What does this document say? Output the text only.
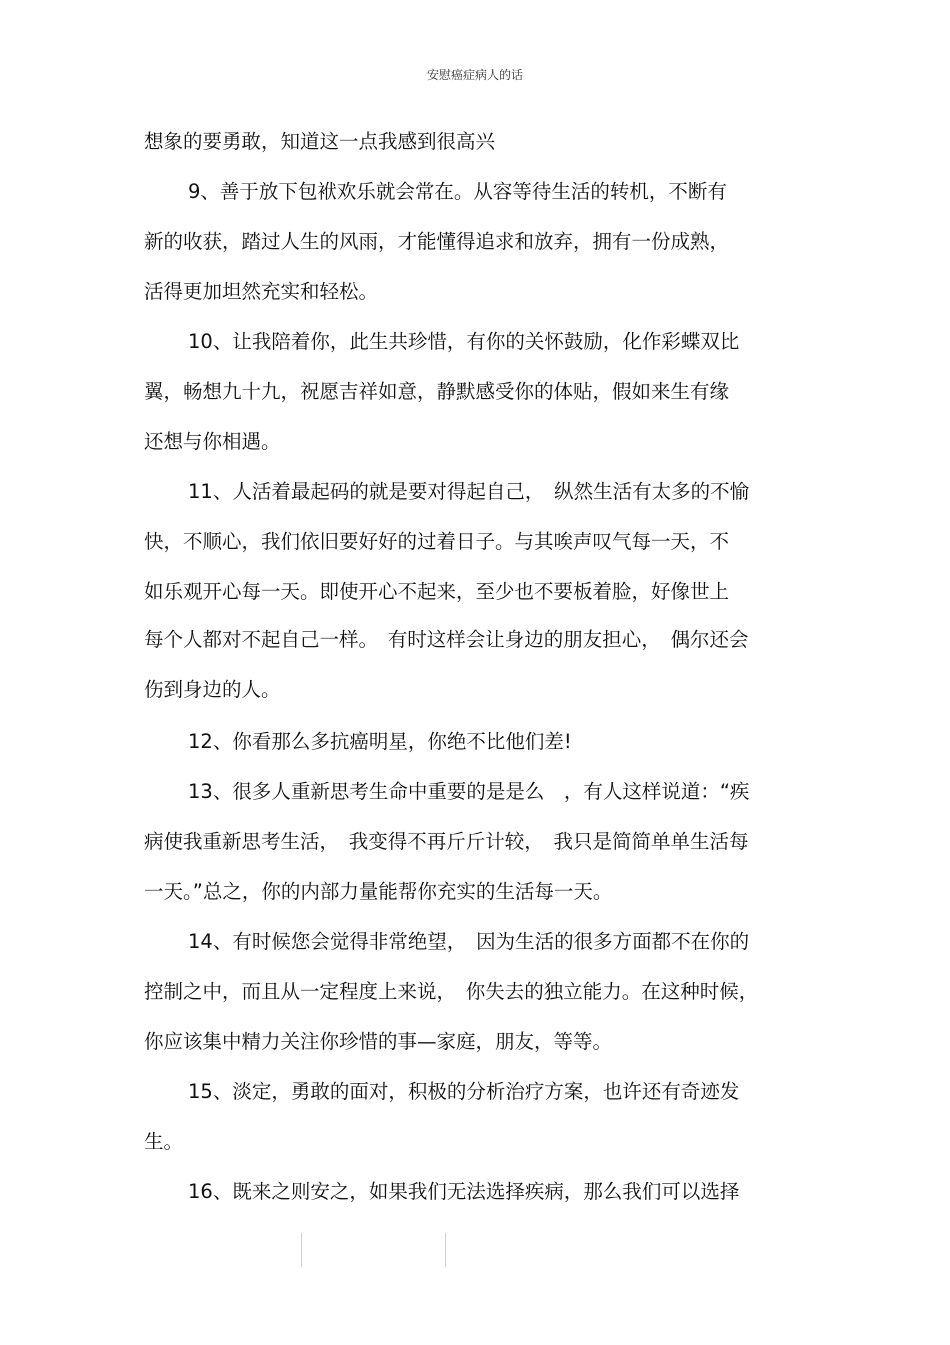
安慰癌症病人的话
想象的要勇敢，知道这一点我感到很高兴
9、善于放下包袱欢乐就会常在。从容等待生活的转机，不断有
新的收获，踏过人生的风雨，才能懂得追求和放弃，拥有一份成熟，
活得更加坦然充实和轻松。
10、让我陪着你，此生共珍惜，有你的关怀鼓励，化作彩蝶双比
翼，畅想九十九，祝愿吉祥如意，静默感受你的体贴，假如来生有缘
还想与你相遇。
11、人活着最起码的就是要对得起自己，　纵然生活有太多的不愉
快，不顺心，我们依旧要好好的过着日子。与其唉声叹气每一天，不
如乐观开心每一天。即使开心不起来，至少也不要板着脸，好像世上
每个人都对不起自己一样。　有时这样会让身边的朋友担心，　偶尔还会
伤到身边的人。
12、你看那么多抗癌明星，你绝不比他们差!
13、很多人重新思考生命中重要的是是么　，有人这样说道：“疾
病使我重新思考生活，　我变得不再斤斤计较，　我只是简简单单生活每
一天。”总之，你的内部力量能帮你充实的生活每一天。
14、有时候您会觉得非常绝望，　因为生活的很多方面都不在你的
控制之中，而且从一定程度上来说，　你失去的独立能力。在这种时候，
你应该集中精力关注你珍惜的事—家庭，朋友，等等。
15、淡定，勇敢的面对，积极的分析治疗方案，也许还有奇迹发
生。
16、既来之则安之，如果我们无法选择疾病，那么我们可以选择
